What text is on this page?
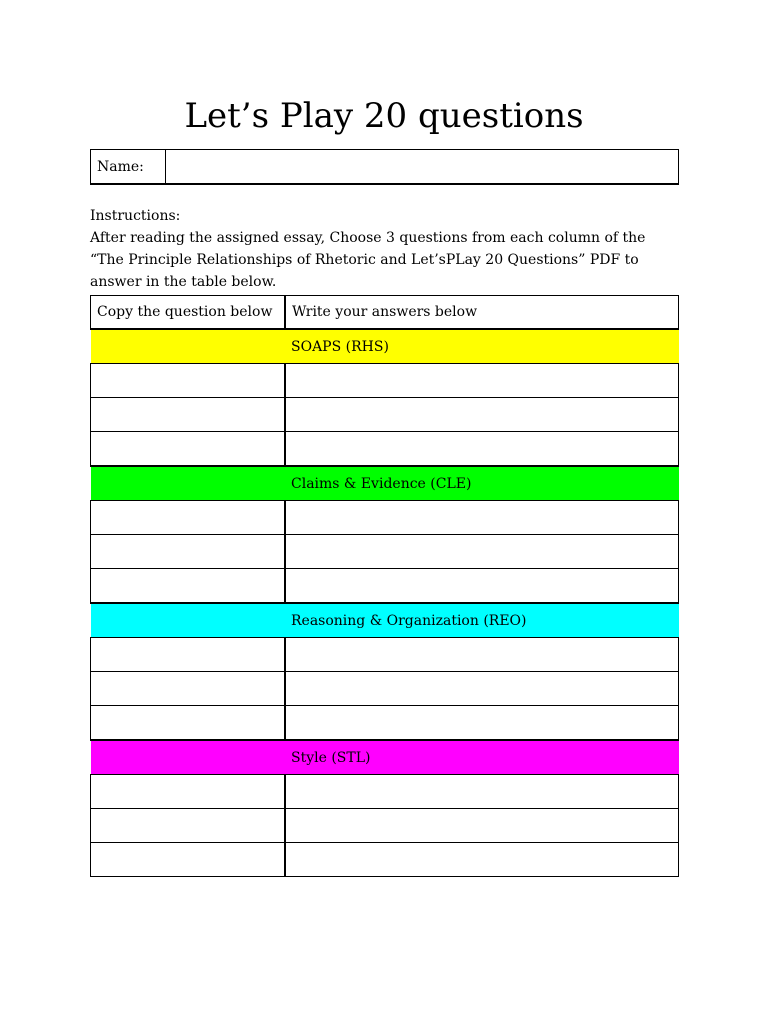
Let’s Play 20 questions
Name:	
Instructions:
After reading the assigned essay, Choose 3 questions from each column of the “The Principle Relationships of Rhetoric and Let’sPLay 20 Questions” PDF to answer in the table below.
Copy the question below	Write your answers below
	SOAPS (RHS)

	Claims & Evidence (CLE)

	Reasoning & Organization (REO)

	Style (STL)
